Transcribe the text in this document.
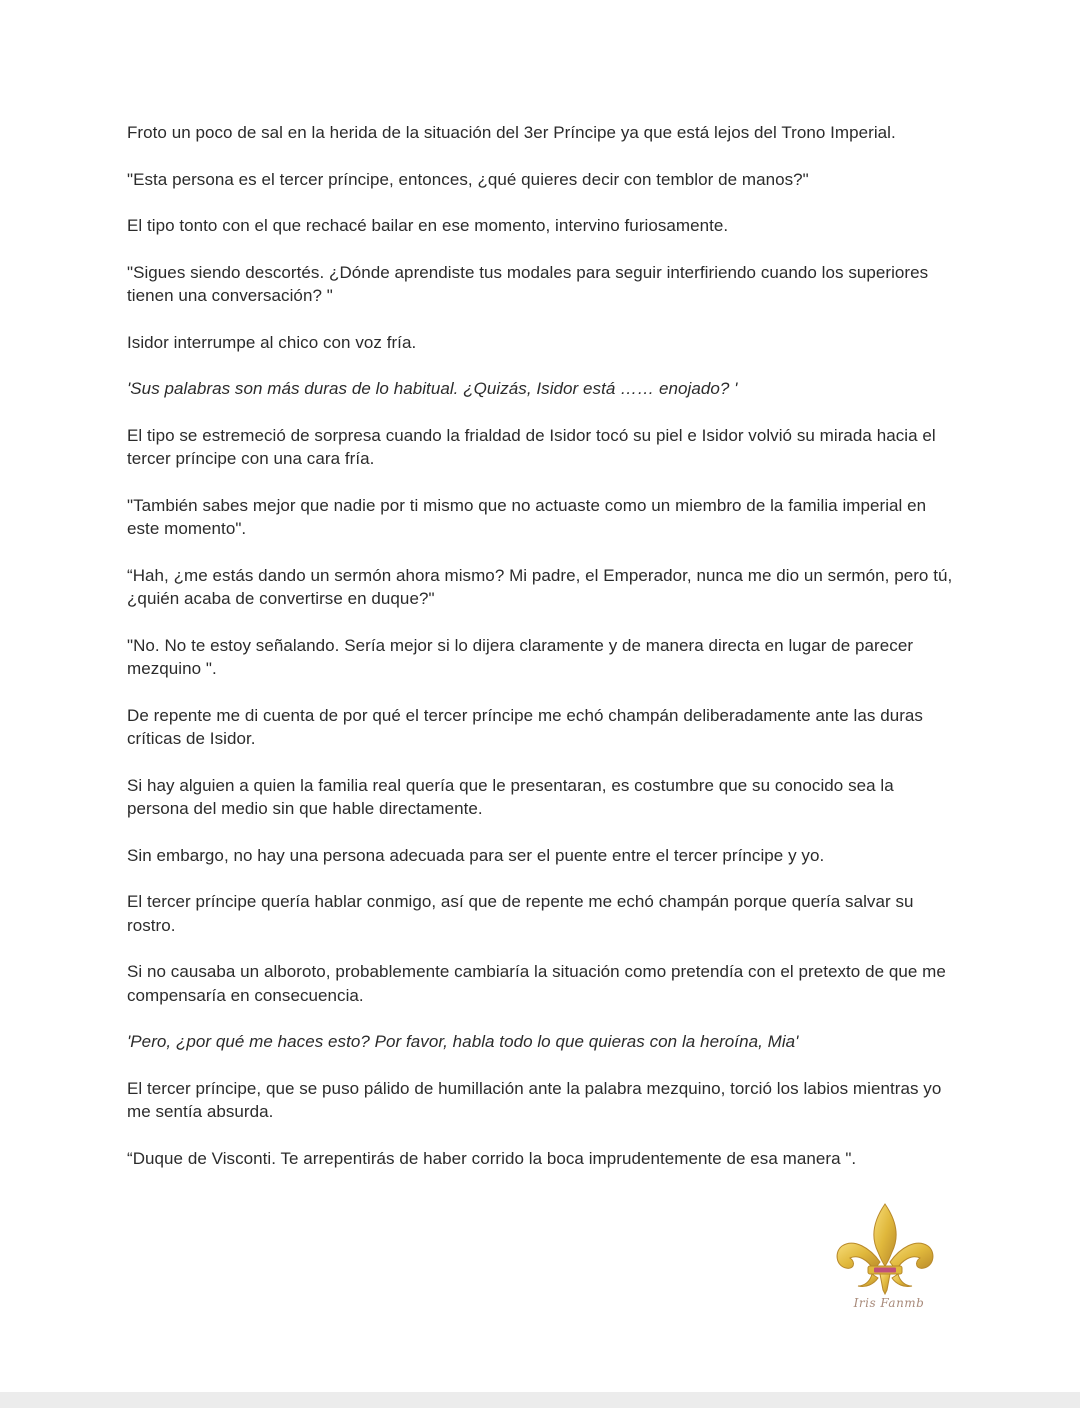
Froto un poco de sal en la herida de la situación del 3er Príncipe ya que está lejos del Trono Imperial.

"Esta persona es el tercer príncipe, entonces, ¿qué quieres decir con temblor de manos?"

El tipo tonto con el que rechacé bailar en ese momento, intervino furiosamente.

"Sigues siendo descortés. ¿Dónde aprendiste tus modales para seguir interfiriendo cuando los superiores tienen una conversación? "

Isidor interrumpe al chico con voz fría.

'Sus palabras son más duras de lo habitual. ¿Quizás, Isidor está …… enojado? '

El tipo se estremeció de sorpresa cuando la frialdad de Isidor tocó su piel e Isidor volvió su mirada hacia el tercer príncipe con una cara fría.

"También sabes mejor que nadie por ti mismo que no actuaste como un miembro de la familia imperial en este momento".

“Hah, ¿me estás dando un sermón ahora mismo? Mi padre, el Emperador, nunca me dio un sermón, pero tú, ¿quién acaba de convertirse en duque?"

"No. No te estoy señalando. Sería mejor si lo dijera claramente y de manera directa en lugar de parecer mezquino ".

De repente me di cuenta de por qué el tercer príncipe me echó champán deliberadamente ante las duras críticas de Isidor.

Si hay alguien a quien la familia real quería que le presentaran, es costumbre que su conocido sea la persona del medio sin que hable directamente.

Sin embargo, no hay una persona adecuada para ser el puente entre el tercer príncipe y yo.

El tercer príncipe quería hablar conmigo, así que de repente me echó champán porque quería salvar su rostro.

Si no causaba un alboroto, probablemente cambiaría la situación como pretendía con el pretexto de que me compensaría en consecuencia.

'Pero, ¿por qué me haces esto? Por favor, habla todo lo que quieras con la heroína, Mia'

El tercer príncipe, que se puso pálido de humillación ante la palabra mezquino, torció los labios mientras yo me sentía absurda.

“Duque de Visconti. Te arrepentirás de haber corrido la boca imprudentemente de esa manera ".

Iris Fanmb
